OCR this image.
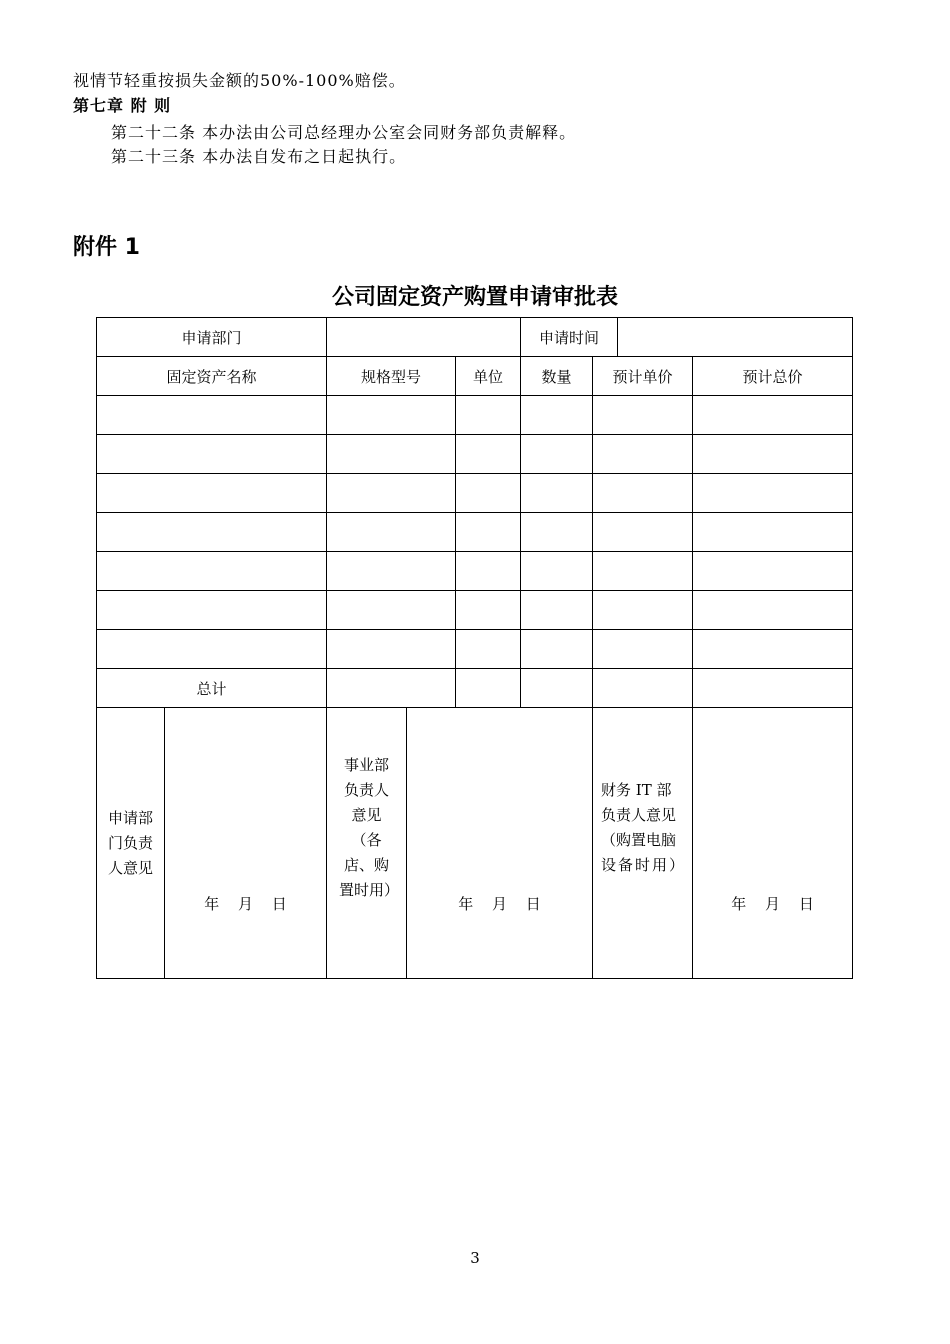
视情节轻重按损失金额的50%-100%赔偿。
第七章 附 则
第二十二条 本办法由公司总经理办公室会同财务部负责解释。
第二十三条 本办法自发布之日起执行。
附件 1
公司固定资产购置申请审批表
申请部门					申请时间			
固定资产名称		规格型号		单位	数量	预计单价		预计总价

总计								

申请部门负责人意见	年 月 日	事业部负责人意见（各店、购置时用）	年 月 日			财务 IT 部负责人意见（购置电脑设备时用）		年 月 日
3
